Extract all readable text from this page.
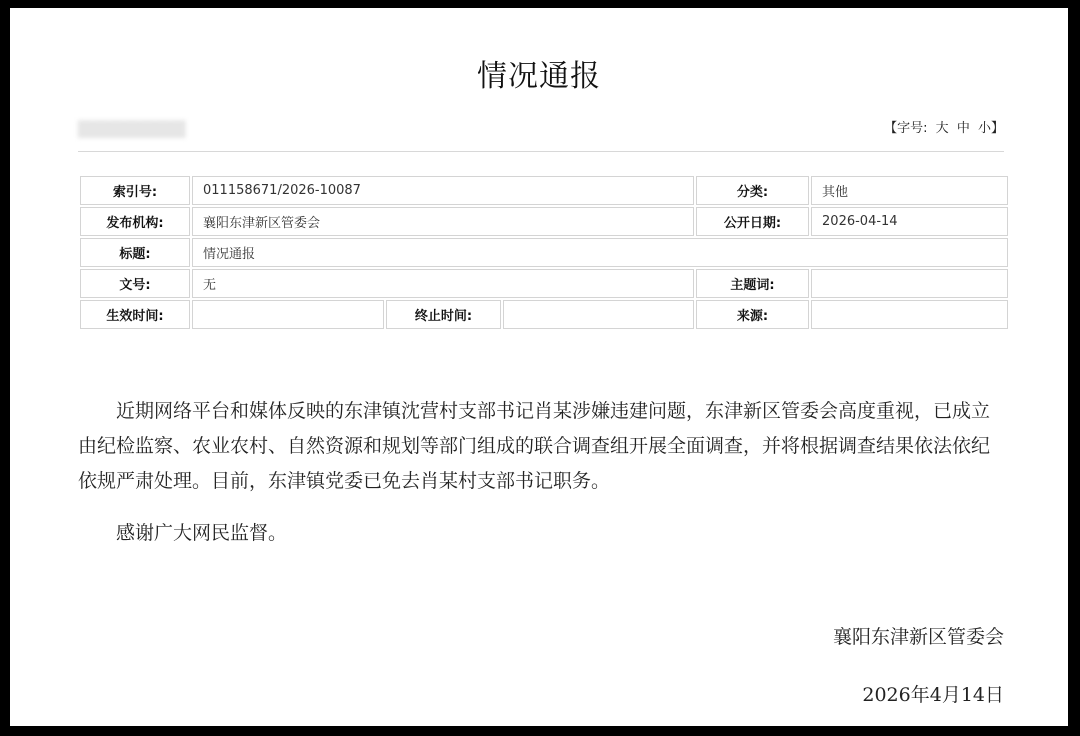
情况通报
▆▆▆▆▆▆▆	【字号: 大 中 小】
索引号:	011158671/2026-10087			分类:	其他
发布机构:	襄阳东津新区管委会			公开日期:	2026-04-14
标题:	情况通报				
文号:	无			主题词:	
生效时间:		终止时间:		来源:	

近期网络平台和媒体反映的东津镇沈营村支部书记肖某涉嫌违建问题，东津新区管委会高度重视，已成立由纪检监察、农业农村、自然资源和规划等部门组成的联合调查组开展全面调查，并将根据调查结果依法依纪依规严肃处理。目前，东津镇党委已免去肖某村支部书记职务。

感谢广大网民监督。

襄阳东津新区管委会
2026年4月14日
